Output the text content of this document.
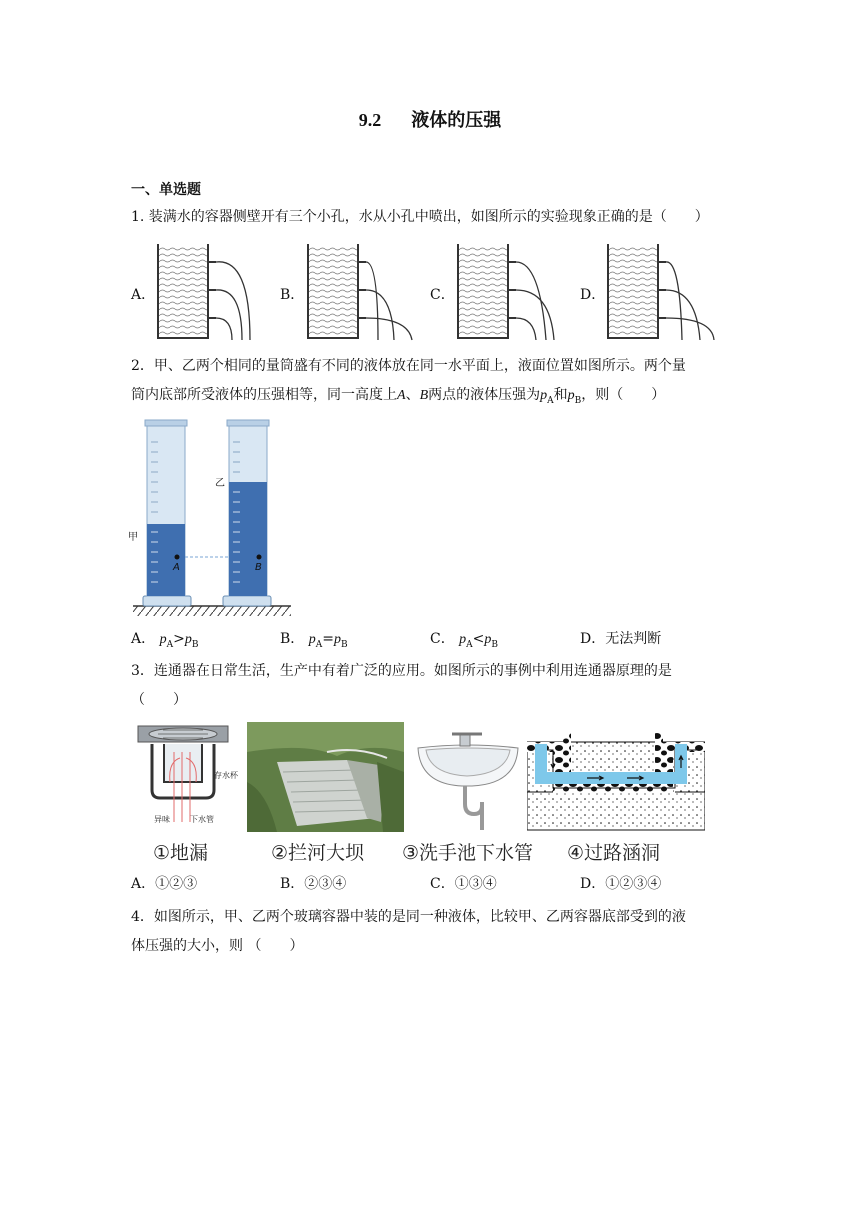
9.2 液体的压强
一、单选题
1. 装满水的容器侧壁开有三个小孔，水从小孔中喷出，如图所示的实验现象正确的是（　　）
A．	B．	C．	D．
2．甲、乙两个相同的量筒盛有不同的液体放在同一水平面上，液面位置如图所示。两个量
筒内底部所受液体的压强相等，同一高度上A、B两点的液体压强为$p_A$和$p_B$，则（　　）
A	B
甲
乙
A． $p_A>p_B$	B． $p_A=p_B$	C． $p_A<p_B$	D．无法判断
3．连通器在日常生活，生产中有着广泛的应用。如图所示的事例中利用连通器原理的是
（　　）
存水杯
异味	下水管
①地漏	②拦河大坝 ③洗手池下水管 ④过路涵洞
A．①②③	B．②③④	C．①③④	D．①②③④
4．如图所示，甲、乙两个玻璃容器中装的是同一种液体，比较甲、乙两容器底部受到的液
体压强的大小，则 （　　）
